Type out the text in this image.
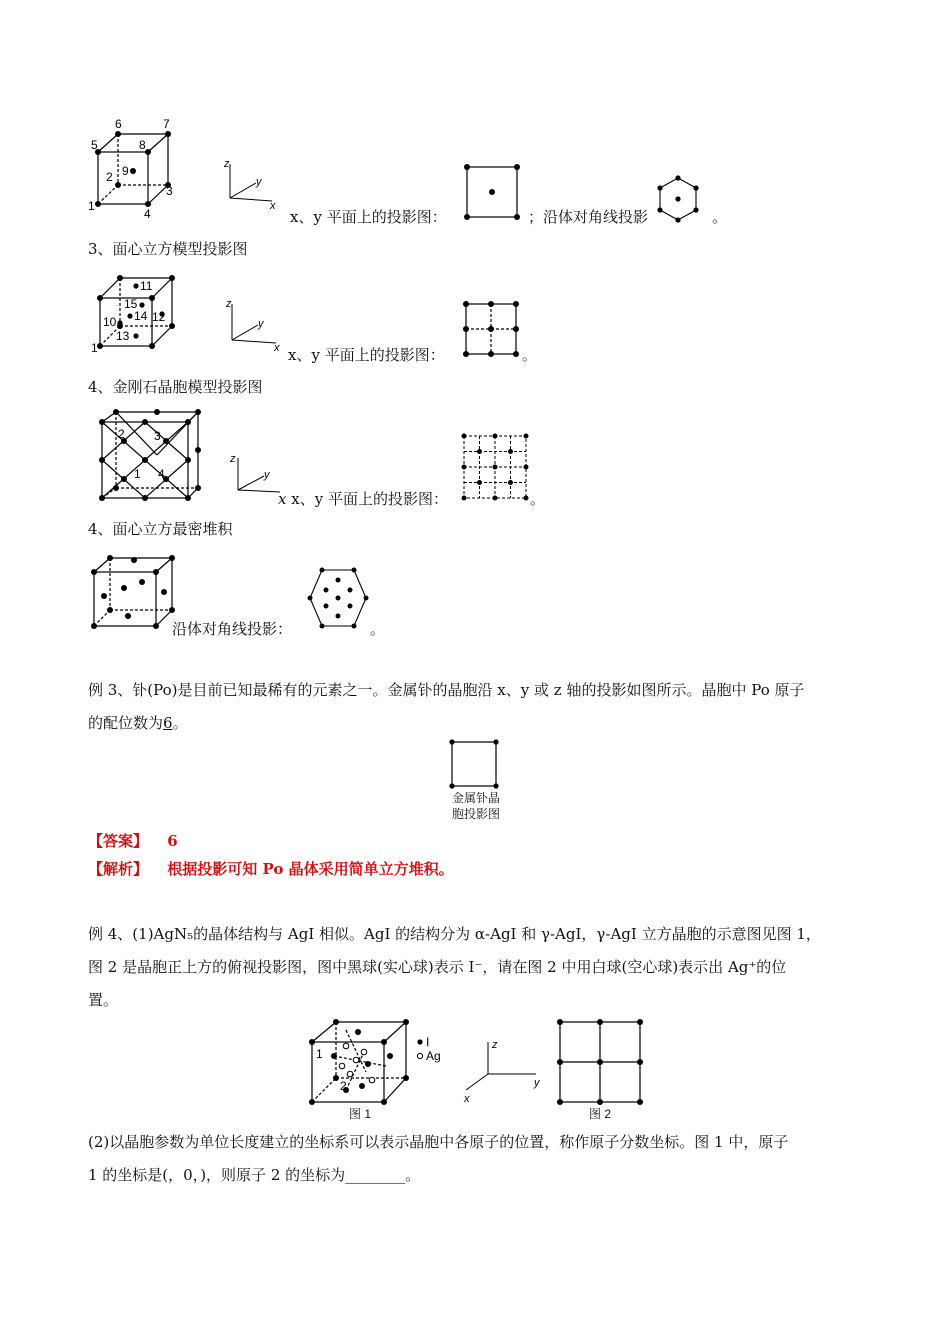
6	7
5	8
9
2
3
1
4
z
y
x
x、y 平面上的投影图：	；沿体对角线投影	。
3、面心立方模型投影图
11
15
10 14 12
13
1
z
y
x x、y 平面上的投影图：	。
4、金刚石晶胞模型投影图
2 3
1 4
z
y
x x、y 平面上的投影图：	。
4、面心立方最密堆积
沿体对角线投影：	。
例 3、钋(Po)是目前已知最稀有的元素之一。金属钋的晶胞沿 x、y 或 z 轴的投影如图所示。晶胞中 Po 原子
的配位数为6。
金属钋晶
胞投影图
【答案】 6
【解析】 根据投影可知 Po 晶体采用简单立方堆积。
例 4、(1)AgN₅的晶体结构与 AgI 相似。AgI 的结构分为 α-AgI 和 γ-AgI，γ-AgI 立方晶胞的示意图见图 1，
图 2 是晶胞正上方的俯视投影图，图中黑球(实心球)表示 I⁻，请在图 2 中用白球(空心球)表示出 Ag⁺的位
置。
1
2
I
Ag
图 1
z
y
x
图 2
(2)以晶胞参数为单位长度建立的坐标系可以表示晶胞中各原子的位置，称作原子分数坐标。图 1 中，原子
1 的坐标是(，0，)，则原子 2 的坐标为________。
